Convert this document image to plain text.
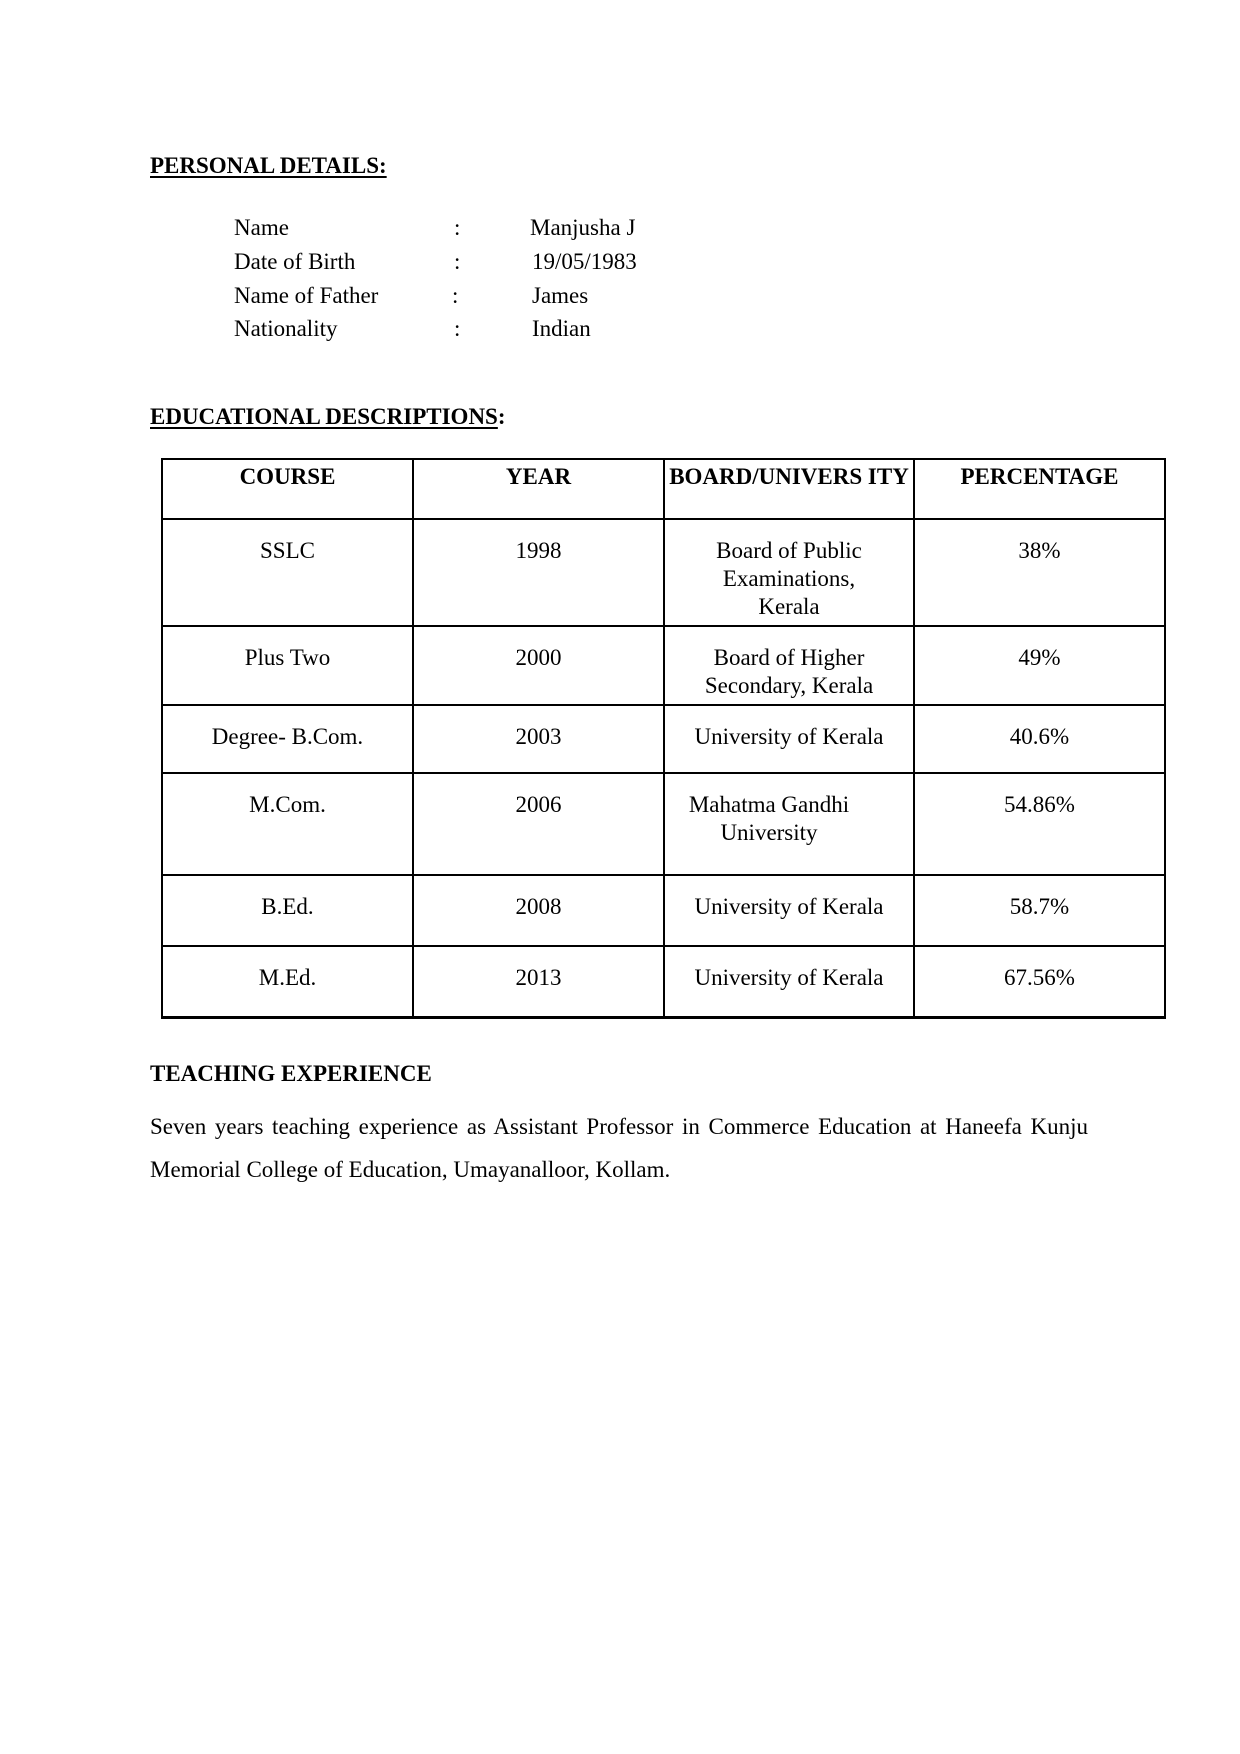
PERSONAL DETAILS:
Name	:	Manjusha J
Date of Birth	:	19/05/1983
Name of Father	:	James
Nationality	:	Indian
EDUCATIONAL DESCRIPTIONS:
COURSE	YEAR	BOARD/UNIVERS ITY	PERCENTAGE
SSLC	1998	Board of Public Examinations, Kerala	38%
Plus Two	2000	Board of Higher Secondary, Kerala	49%
Degree- B.Com.	2003	University of Kerala	40.6%
M.Com.	2006	Mahatma Gandhi University	54.86%
B.Ed.	2008	University of Kerala	58.7%
M.Ed.	2013	University of Kerala	67.56%
TEACHING EXPERIENCE

Seven years teaching experience as Assistant Professor in Commerce Education at Haneefa Kunju Memorial College of Education, Umayanalloor, Kollam.
